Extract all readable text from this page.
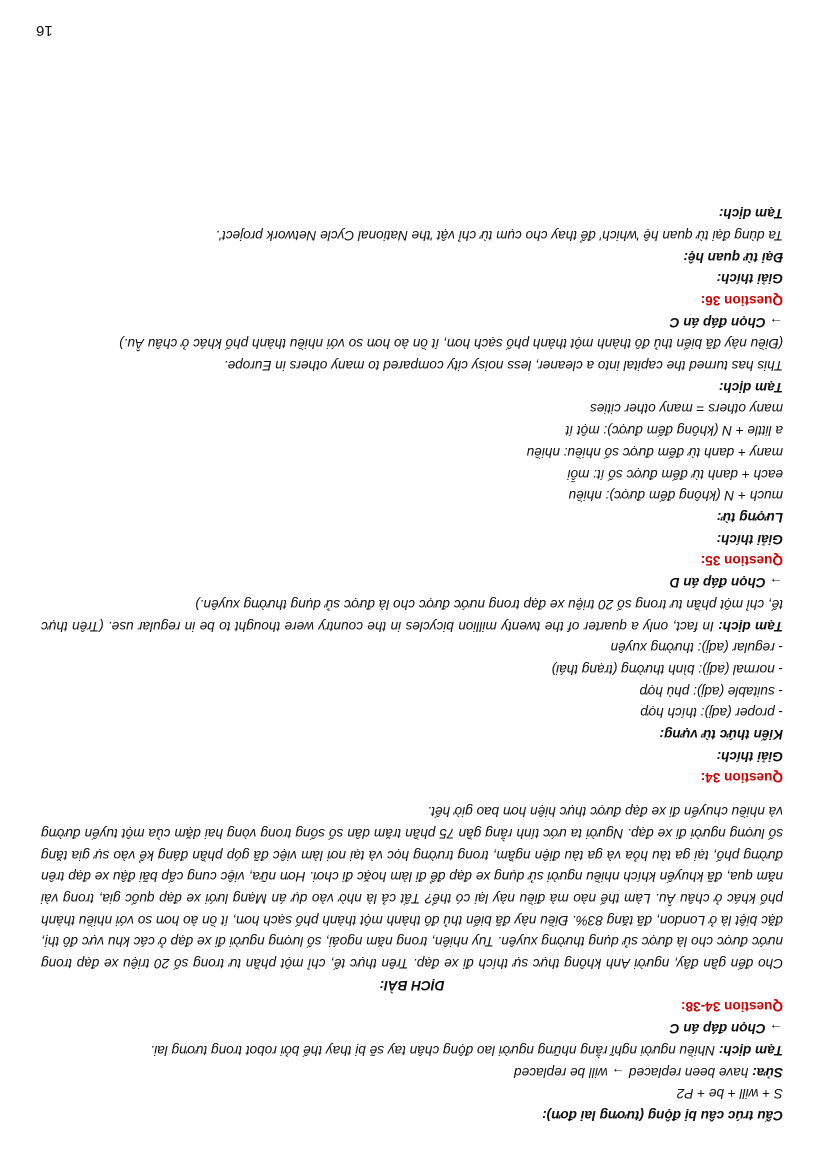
Cấu trúc câu bị động (tương lai đơn):

S + will + be + P2

Sửa: have been replaced → will be replaced

Tạm dịch: Nhiều người nghĩ rằng những người lao động chân tay sẽ bị thay thế bởi robot trong tương lai.

→ Chọn đáp án C

Question 34-38:

DỊCH BÀI:

Cho đến gần đây, người Anh không thực sự thích đi xe đạp. Trên thực tế, chỉ một phần tư trong số 20 triệu xe đạp trong nước được cho là được sử dụng thường xuyên. Tuy nhiên, trong năm ngoái, số lượng người đi xe đạp ở các khu vực đô thị, đặc biệt là ở London, đã tăng 83%. Điều này đã biến thủ đô thành một thành phố sạch hơn, ít ồn ào hơn so với nhiều thành phố khác ở châu Âu. Làm thế nào mà điều này lại có thể? Tất cả là nhờ vào dự án Mạng lưới xe đạp quốc gia, trong vài năm qua, đã khuyến khích nhiều người sử dụng xe đạp để đi làm hoặc đi chơi. Hơn nữa, việc cung cấp bãi đậu xe đạp trên đường phố, tại ga tàu hỏa và ga tàu điện ngầm, trong trường học và tại nơi làm việc đã góp phần đáng kể vào sự gia tăng số lượng người đi xe đạp. Người ta ước tính rằng gần 75 phần trăm dân số sống trong vòng hai dặm của một tuyến đường và nhiều chuyến đi xe đạp được thực hiện hơn bao giờ hết.

Question 34:

Giải thích:

Kiến thức từ vựng:

- proper (adj): thích hợp

- suitable (adj): phù hợp

- normal (adj): bình thường (trạng thái)

- regular (adj): thường xuyên

Tạm dịch: In fact, only a quarter of the twenty million bicycles in the country were thought to be in regular use. (Trên thực tế, chỉ một phần tư trong số 20 triệu xe đạp trong nước được cho là được sử dụng thường xuyên.)

→ Chọn đáp án D

Question 35:

Giải thích:

Lượng từ:

much + N (không đếm được): nhiều

each + danh từ đếm được số ít: mỗi

many + danh từ đếm được số nhiều: nhiều

a little + N (không đếm được): một ít

many others = many other cities

Tạm dịch:

This has turned the capital into a cleaner, less noisy city compared to many others in Europe.

(Điều này đã biến thủ đô thành một thành phố sạch hơn, ít ồn ào hơn so với nhiều thành phố khác ở châu Âu.)

→ Chọn đáp án C

Question 36:

Giải thích:

Đại từ quan hệ:

Ta dùng đại từ quan hệ 'which' để thay cho cụm từ chỉ vật 'the National Cycle Network project'.

Tạm dịch:

16
